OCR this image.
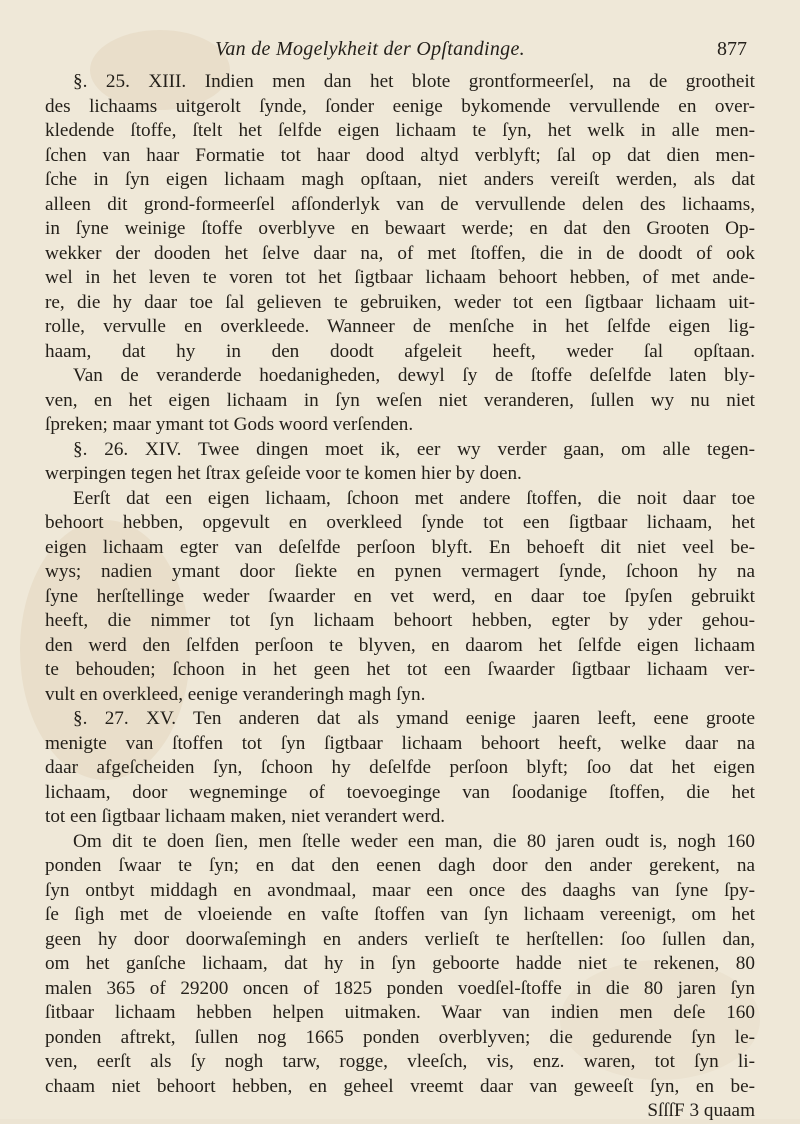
Van de Mogelykheit der Opſtandinge.	877
§. 25. XIII. Indien men dan het blote grontformeerſel, na de grootheit
des lichaams uitgerolt ſynde, ſonder eenige bykomende vervullende en over-
kledende ſtoffe, ſtelt het ſelfde eigen lichaam te ſyn, het welk in alle men-
ſchen van haar Formatie tot haar dood altyd verblyft; ſal op dat dien men-
ſche in ſyn eigen lichaam magh opſtaan, niet anders vereiſt werden, als dat
alleen dit grond-formeerſel afſonderlyk van de vervullende delen des lichaams,
in ſyne weinige ſtoffe overblyve en bewaart werde; en dat den Grooten Op-
wekker der dooden het ſelve daar na, of met ſtoffen, die in de doodt of ook
wel in het leven te voren tot het ſigtbaar lichaam behoort hebben, of met ande-
re, die hy daar toe ſal gelieven te gebruiken, weder tot een ſigtbaar lichaam uit-
rolle, vervulle en overkleede. Wanneer de menſche in het ſelfde eigen lig-
haam, dat hy in den doodt afgeleit heeft, weder ſal opſtaan.
Van de veranderde hoedanigheden, dewyl ſy de ſtoffe deſelfde laten bly-
ven, en het eigen lichaam in ſyn weſen niet veranderen, ſullen wy nu niet
ſpreken; maar ymant tot Gods woord verſenden.
§. 26. XIV. Twee dingen moet ik, eer wy verder gaan, om alle tegen-
werpingen tegen het ſtrax geſeide voor te komen hier by doen.
Eerſt dat een eigen lichaam, ſchoon met andere ſtoffen, die noit daar toe
behoort hebben, opgevult en overkleed ſynde tot een ſigtbaar lichaam, het
eigen lichaam egter van deſelfde perſoon blyft. En behoeft dit niet veel be-
wys; nadien ymant door ſiekte en pynen vermagert ſynde, ſchoon hy na
ſyne herſtellinge weder ſwaarder en vet werd, en daar toe ſpyſen gebruikt
heeft, die nimmer tot ſyn lichaam behoort hebben, egter by yder gehou-
den werd den ſelfden perſoon te blyven, en daarom het ſelfde eigen lichaam
te behouden; ſchoon in het geen het tot een ſwaarder ſigtbaar lichaam ver-
vult en overkleed, eenige veranderingh magh ſyn.
§. 27. XV. Ten anderen dat als ymand eenige jaaren leeft, eene groote
menigte van ſtoffen tot ſyn ſigtbaar lichaam behoort heeft, welke daar na
daar afgeſcheiden ſyn, ſchoon hy deſelfde perſoon blyft; ſoo dat het eigen
lichaam, door wegneminge of toevoeginge van ſoodanige ſtoffen, die het
tot een ſigtbaar lichaam maken, niet verandert werd.
Om dit te doen ſien, men ſtelle weder een man, die 80 jaren oudt is, nogh 160
ponden ſwaar te ſyn; en dat den eenen dagh door den ander gerekent, na
ſyn ontbyt middagh en avondmaal, maar een once des daaghs van ſyne ſpy-
ſe ſigh met de vloeiende en vaſte ſtoffen van ſyn lichaam vereenigt, om het
geen hy door doorwaſemingh en anders verlieſt te herſtellen: ſoo ſullen dan,
om het ganſche lichaam, dat hy in ſyn geboorte hadde niet te rekenen, 80
malen 365 of 29200 oncen of 1825 ponden voedſel-ſtoffe in die 80 jaren ſyn
ſitbaar lichaam hebben helpen uitmaken. Waar van indien men deſe 160
ponden aftrekt, ſullen nog 1665 ponden overblyven; die gedurende ſyn le-
ven, eerſt als ſy nogh tarw, rogge, vleeſch, vis, enz. waren, tot ſyn li-
chaam niet behoort hebben, en geheel vreemt daar van geweeſt ſyn, en be-
SſſſF 3 quaam
